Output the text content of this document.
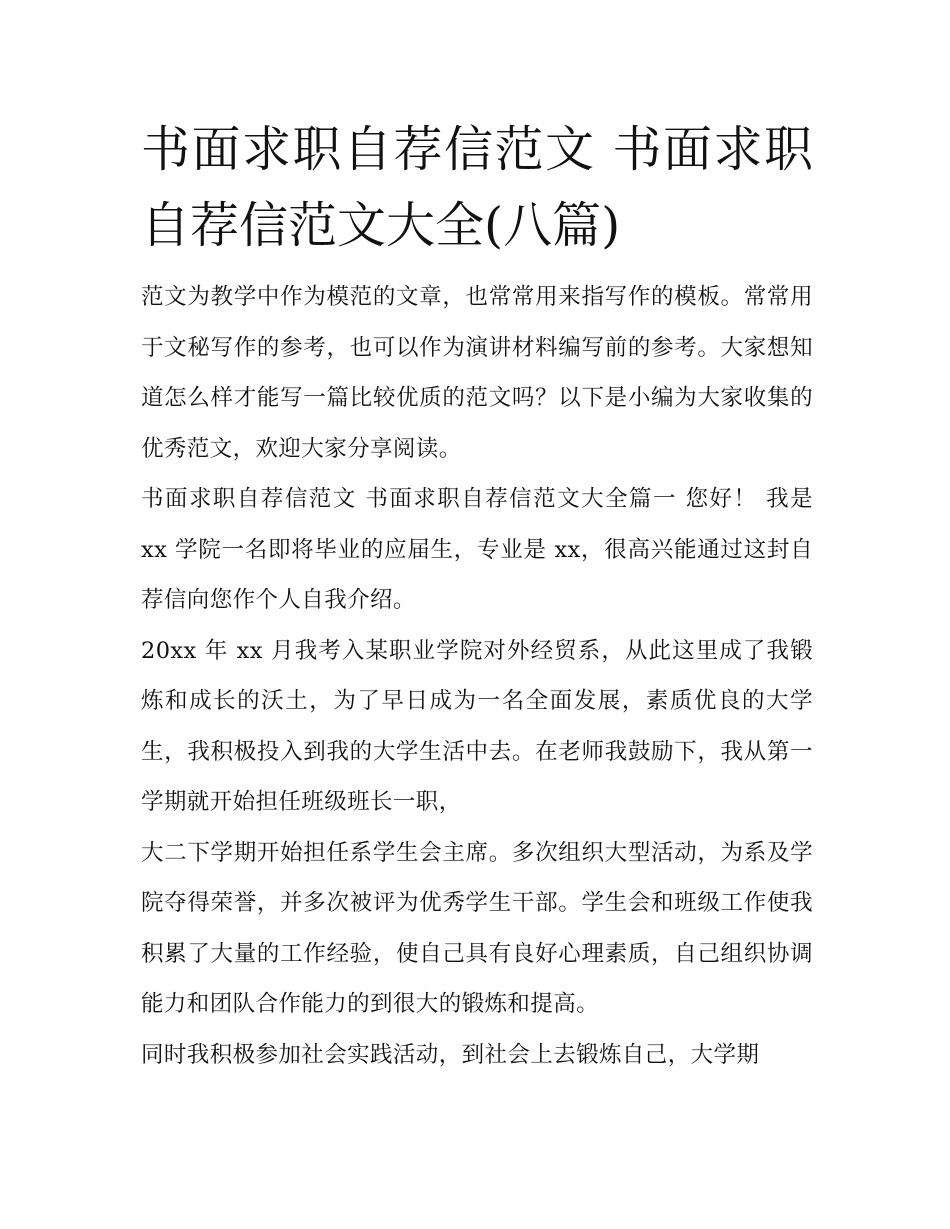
书面求职自荐信范文 书面求职自荐信范文大全(八篇)

范文为教学中作为模范的文章，也常常用来指写作的模板。常常用于文秘写作的参考，也可以作为演讲材料编写前的参考。大家想知道怎么样才能写一篇比较优质的范文吗？以下是小编为大家收集的优秀范文，欢迎大家分享阅读。

书面求职自荐信范文 书面求职自荐信范文大全篇一 您好！ 我是 xx 学院一名即将毕业的应届生，专业是 xx，很高兴能通过这封自荐信向您作个人自我介绍。

20xx 年 xx 月我考入某职业学院对外经贸系，从此这里成了我锻炼和成长的沃土，为了早日成为一名全面发展，素质优良的大学生，我积极投入到我的大学生活中去。在老师我鼓励下，我从第一学期就开始担任班级班长一职，

大二下学期开始担任系学生会主席。多次组织大型活动，为系及学院夺得荣誉，并多次被评为优秀学生干部。学生会和班级工作使我积累了大量的工作经验，使自己具有良好心理素质，自己组织协调能力和团队合作能力的到很大的锻炼和提高。

同时我积极参加社会实践活动，到社会上去锻炼自己，大学期
